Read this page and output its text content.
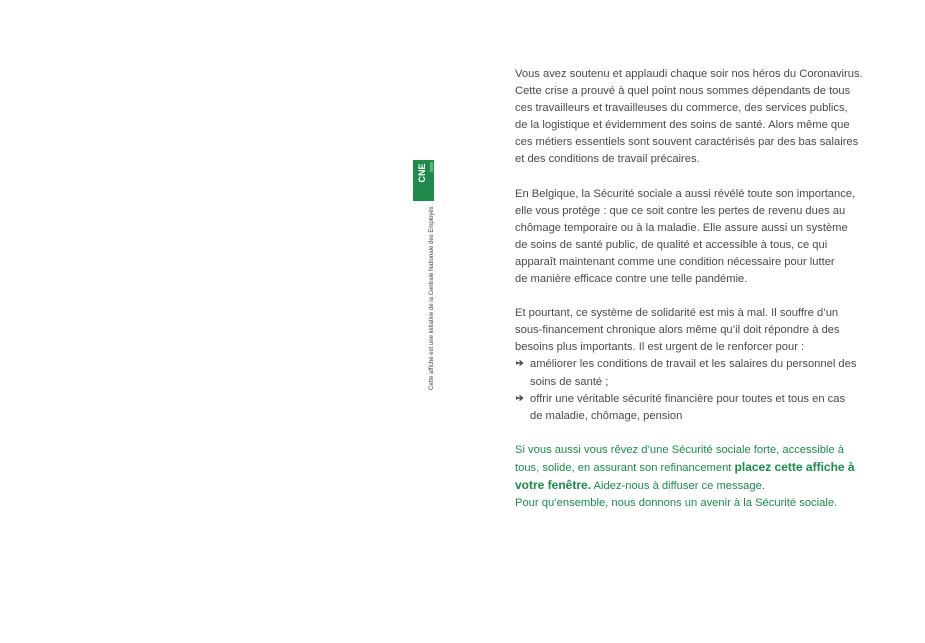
CNE
Cette affiche est une initiative de la Centrale Nationale des Employés

Vous avez soutenu et applaudi chaque soir nos héros du Coronavirus.

Cette crise a prouvé à quel point nous sommes dépendants de tous

ces travailleurs et travailleuses du commerce, des services publics,

de la logistique et évidemment des soins de santé. Alors même que

ces métiers essentiels sont souvent caractérisés par des bas salaires

et des conditions de travail précaires.

En Belgique, la Sécurité sociale a aussi révélé toute son importance,

elle vous protège : que ce soit contre les pertes de revenu dues au

chômage temporaire ou à la maladie. Elle assure aussi un système

de soins de santé public, de qualité et accessible à tous, ce qui

apparaît maintenant comme une condition nécessaire pour lutter

de manière efficace contre une telle pandémie.

Et pourtant, ce système de solidarité est mis à mal. Il souffre d’un

sous-financement chronique alors même qu’il doit répondre à des

besoins plus importants. Il est urgent de le renforcer pour :

améliorer les conditions de travail et les salaires du personnel des

soins de santé ;

offrir une véritable sécurité financière pour toutes et tous en cas

de maladie, chômage, pension

Si vous aussi vous rêvez d’une Sécurité sociale forte, accessible à

tous, solide, en assurant son refinancement placez cette affiche à

votre fenêtre. Aidez-nous à diffuser ce message.

Pour qu’ensemble, nous donnons un avenir à la Sécurité sociale.
